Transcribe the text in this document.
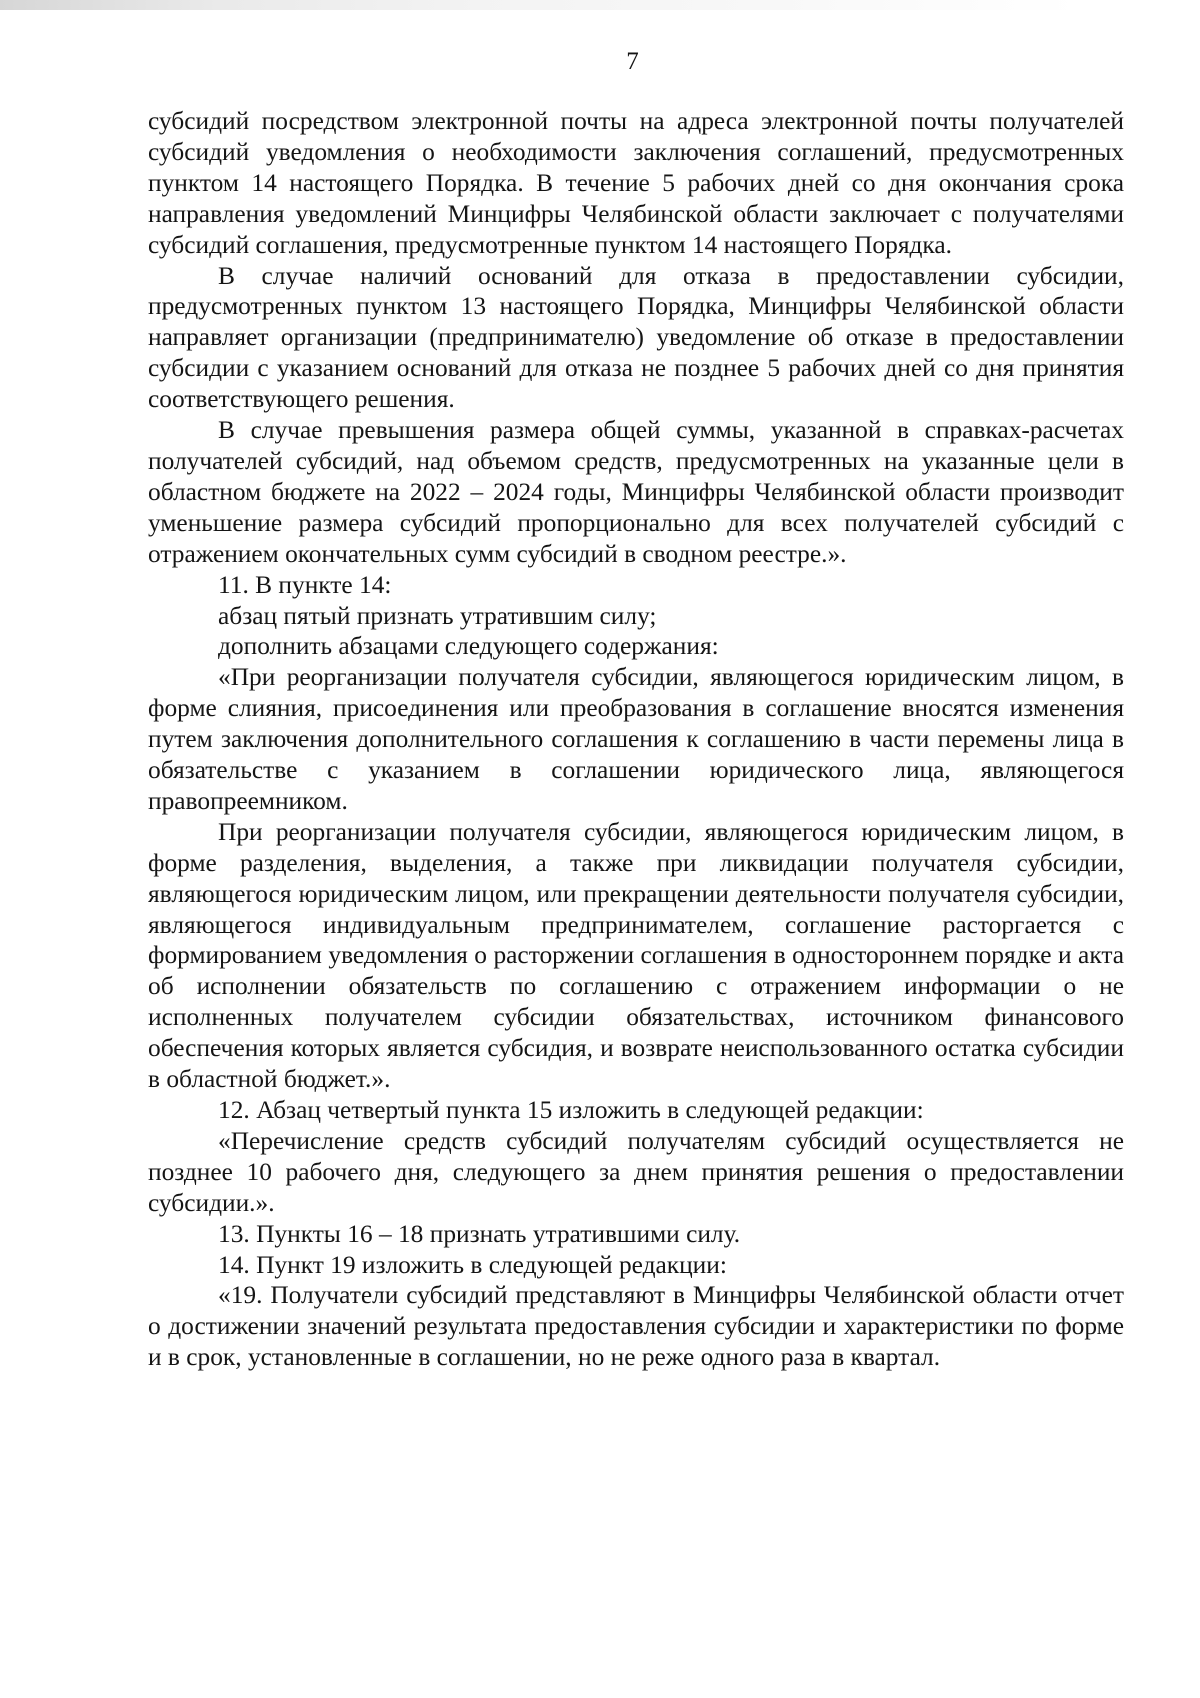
7

субсидий посредством электронной почты на адреса электронной почты получателей субсидий уведомления о необходимости заключения соглашений, предусмотренных пунктом 14 настоящего Порядка. В течение 5 рабочих дней со дня окончания срока направления уведомлений Минцифры Челябинской области заключает с получателями субсидий соглашения, предусмотренные пунктом 14 настоящего Порядка.

В случае наличий оснований для отказа в предоставлении субсидии, предусмотренных пунктом 13 настоящего Порядка, Минцифры Челябинской области направляет организации (предпринимателю) уведомление об отказе в предоставлении субсидии с указанием оснований для отказа не позднее 5 рабочих дней со дня принятия соответствующего решения.

В случае превышения размера общей суммы, указанной в справках-расчетах получателей субсидий, над объемом средств, предусмотренных на указанные цели в областном бюджете на 2022 – 2024 годы, Минцифры Челябинской области производит уменьшение размера субсидий пропорционально для всех получателей субсидий с отражением окончательных сумм субсидий в сводном реестре.».

11. В пункте 14:

абзац пятый признать утратившим силу;

дополнить абзацами следующего содержания:

«При реорганизации получателя субсидии, являющегося юридическим лицом, в форме слияния, присоединения или преобразования в соглашение вносятся изменения путем заключения дополнительного соглашения к соглашению в части перемены лица в обязательстве с указанием в соглашении юридического лица, являющегося правопреемником.

При реорганизации получателя субсидии, являющегося юридическим лицом, в форме разделения, выделения, а также при ликвидации получателя субсидии, являющегося юридическим лицом, или прекращении деятельности получателя субсидии, являющегося индивидуальным предпринимателем, соглашение расторгается с формированием уведомления о расторжении соглашения в одностороннем порядке и акта об исполнении обязательств по соглашению с отражением информации о не исполненных получателем субсидии обязательствах, источником финансового обеспечения которых является субсидия, и возврате неиспользованного остатка субсидии в областной бюджет.».

12. Абзац четвертый пункта 15 изложить в следующей редакции:

«Перечисление средств субсидий получателям субсидий осуществляется не позднее 10 рабочего дня, следующего за днем принятия решения о предоставлении субсидии.».

13. Пункты 16 – 18 признать утратившими силу.

14. Пункт 19 изложить в следующей редакции:

«19. Получатели субсидий представляют в Минцифры Челябинской области отчет о достижении значений результата предоставления субсидии и характеристики по форме и в срок, установленные в соглашении, но не реже одного раза в квартал.
